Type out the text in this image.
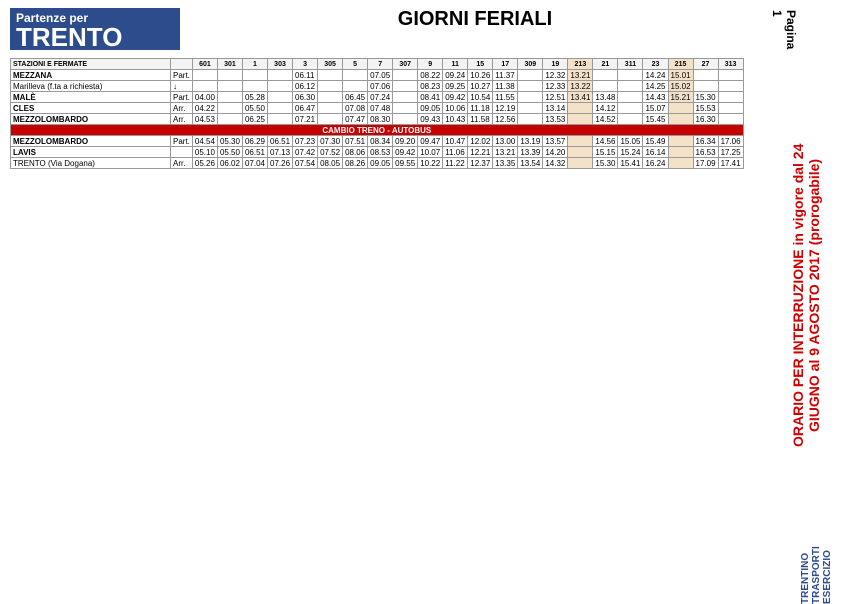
Partenze per
TRENTO
GIORNI FERIALI	Pagina 1
ORARIO PER INTERRUZIONE in vigore dal 24 GIUGNO al 9 AGOSTO 2017 (prorogabile)
TRENTINO TRASPORTI ESERCIZIO
STAZIONI E FERMATE		601	301	1	303	3	305	5	7	307	9	11	15	17	309	19	213	21	311	23	215	27	313
MEZZANA	Part.					06.11			07.05		08.22	09.24	10.26	11.37		12.32	13.21			14.24	15.01		
Marilleva (f.ta a richiesta)	↓					06.12			07.06		08.23	09.25	10.27	11.38		12.33	13.22			14.25	15.02		
MALÈ	Part.	04.00		05.28		06.30		06.45	07.24		08.41	09.42	10.54	11.55		12.51	13.41	13.48		14.43	15.21	15.30	
CLES	Arr.	04.22		05.50		06.47		07.08	07.48		09.05	10.06	11.18	12.19		13.14		14.12		15.07		15.53	
MEZZOLOMBARDO	Arr.	04.53		06.25		07.21		07.47	08.30		09.43	10.43	11.58	12.56		13.53		14.52		15.45		16.30	
CAMBIO TRENO - AUTOBUS																							
MEZZOLOMBARDO	Part.	04.54	05.30	06.29	06.51	07.23	07.30	07.51	08.34	09.20	09.47	10.47	12.02	13.00	13.19	13.57		14.56	15.05	15.49		16.34	17.06
LAVIS		05.10	05.50	06.51	07.13	07.42	07.52	08.06	08.53	09.42	10.07	11.06	12.21	13.21	13.39	14.20		15.15	15.24	16.14		16.53	17.25
TRENTO (Via Dogana)	Arr.	05.26	06.02	07.04	07.26	07.54	08.05	08.26	09.05	09.55	10.22	11.22	12.37	13.35	13.54	14.32		15.30	15.41	16.24		17.09	17.41
